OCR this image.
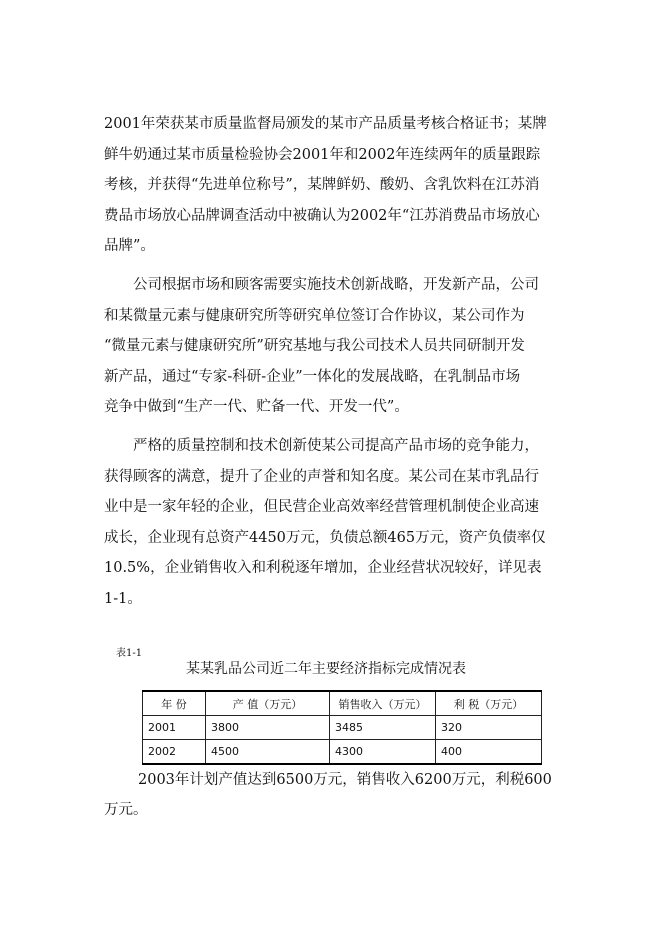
2001年荣获某市质量监督局颁发的某市产品质量考核合格证书；某牌

鲜牛奶通过某市质量检验协会2001年和2002年连续两年的质量跟踪

考核，并获得“先进单位称号”，某牌鲜奶、酸奶、含乳饮料在江苏消

费品市场放心品牌调查活动中被确认为2002年“江苏消费品市场放心

品牌”。

公司根据市场和顾客需要实施技术创新战略，开发新产品，公司

和某微量元素与健康研究所等研究单位签订合作协议，某公司作为

“微量元素与健康研究所”研究基地与我公司技术人员共同研制开发

新产品，通过“专家-科研-企业”一体化的发展战略，在乳制品市场

竞争中做到“生产一代、贮备一代、开发一代”。

严格的质量控制和技术创新使某公司提高产品市场的竞争能力，

获得顾客的满意，提升了企业的声誉和知名度。某公司在某市乳品行

业中是一家年轻的企业，但民营企业高效率经营管理机制使企业高速

成长，企业现有总资产4450万元，负债总额465万元，资产负债率仅

10.5%，企业销售收入和利税逐年增加，企业经营状况较好，详见表

1-1。

表1-1
某某乳品公司近二年主要经济指标完成情况表
年 份	产 值（万元）	销售收入（万元）	利 税（万元）
2001	3800	3485	320
2002	4500	4300	400

2003年计划产值达到6500万元，销售收入6200万元，利税600

万元。
